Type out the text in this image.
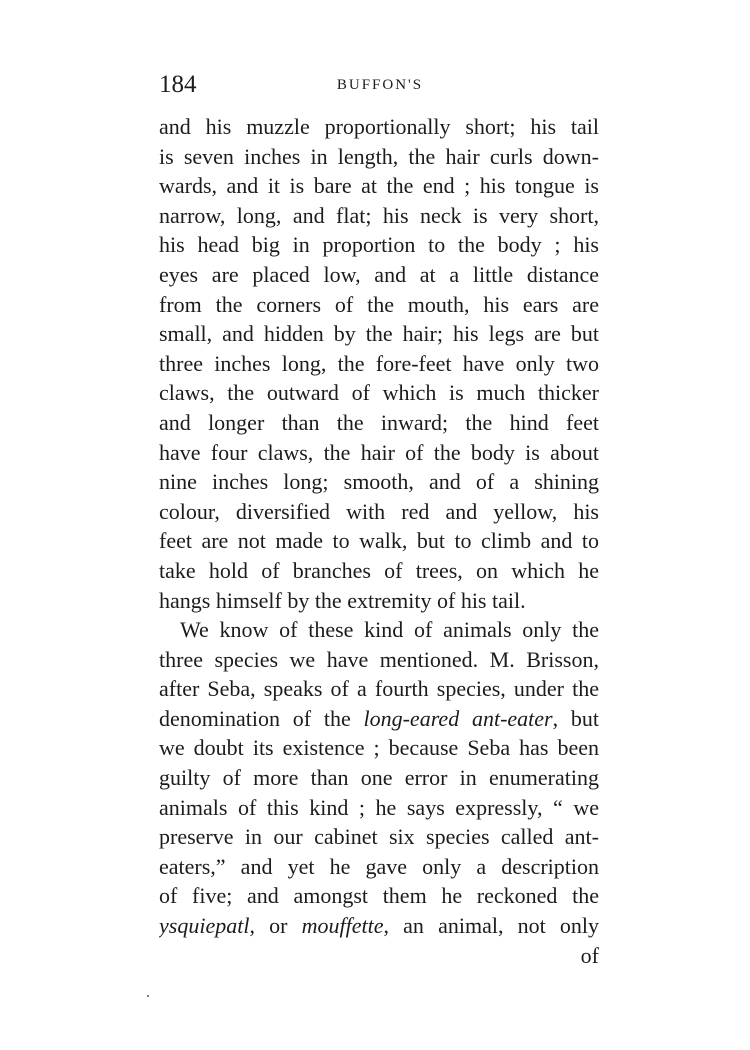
184	BUFFON'S
and his muzzle proportionally short; his tail
is seven inches in length, the hair curls down-
wards, and it is bare at the end ; his tongue is
narrow, long, and flat; his neck is very short,
his head big in proportion to the body ; his
eyes are placed low, and at a little distance
from the corners of the mouth, his ears are
small, and hidden by the hair; his legs are but
three inches long, the fore-feet have only two
claws, the outward of which is much thicker
and longer than the inward; the hind feet
have four claws, the hair of the body is about
nine inches long; smooth, and of a shining
colour, diversified with red and yellow, his
feet are not made to walk, but to climb and to
take hold of branches of trees, on which he
hangs himself by the extremity of his tail.
We know of these kind of animals only the
three species we have mentioned. M. Brisson,
after Seba, speaks of a fourth species, under the
denomination of the long-eared ant-eater, but
we doubt its existence ; because Seba has been
guilty of more than one error in enumerating
animals of this kind ; he says expressly, “ we
preserve in our cabinet six species called ant-
eaters,” and yet he gave only a description
of five; and amongst them he reckoned the
ysquiepatl, or mouffette, an animal, not only
of
